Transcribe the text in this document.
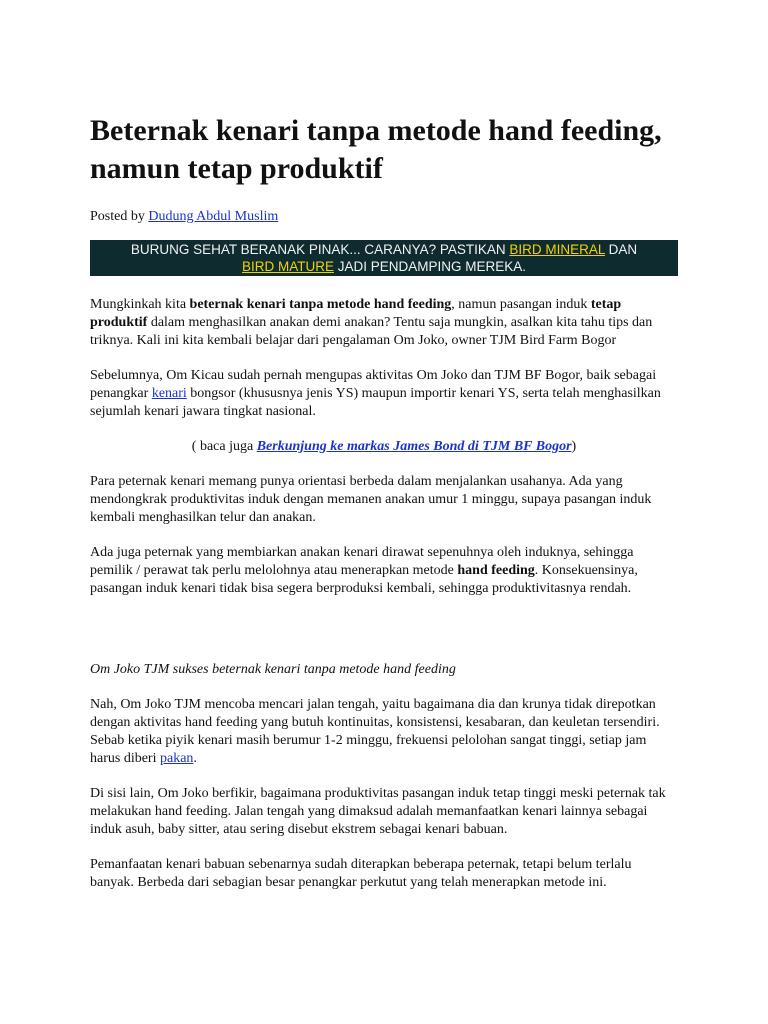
Beternak kenari tanpa metode hand feeding, namun tetap produktif
Posted by Dudung Abdul Muslim
BURUNG SEHAT BERANAK PINAK... CARANYA? PASTIKAN BIRD MINERAL DAN
BIRD MATURE JADI PENDAMPING MEREKA.

Mungkinkah kita beternak kenari tanpa metode hand feeding, namun pasangan induk tetap produktif dalam menghasilkan anakan demi anakan? Tentu saja mungkin, asalkan kita tahu tips dan triknya. Kali ini kita kembali belajar dari pengalaman Om Joko, owner TJM Bird Farm Bogor

Sebelumnya, Om Kicau sudah pernah mengupas aktivitas Om Joko dan TJM BF Bogor, baik sebagai penangkar kenari bongsor (khususnya jenis YS) maupun importir kenari YS, serta telah menghasilkan sejumlah kenari jawara tingkat nasional.

( baca juga Berkunjung ke markas James Bond di TJM BF Bogor)

Para peternak kenari memang punya orientasi berbeda dalam menjalankan usahanya. Ada yang mendongkrak produktivitas induk dengan memanen anakan umur 1 minggu, supaya pasangan induk kembali menghasilkan telur dan anakan.

Ada juga peternak yang membiarkan anakan kenari dirawat sepenuhnya oleh induknya, sehingga pemilik / perawat tak perlu melolohnya atau menerapkan metode hand feeding. Konsekuensinya, pasangan induk kenari tidak bisa segera berproduksi kembali, sehingga produktivitasnya rendah.

Om Joko TJM sukses beternak kenari tanpa metode hand feeding

Nah, Om Joko TJM mencoba mencari jalan tengah, yaitu bagaimana dia dan krunya tidak direpotkan dengan aktivitas hand feeding yang butuh kontinuitas, konsistensi, kesabaran, dan keuletan tersendiri. Sebab ketika piyik kenari masih berumur 1-2 minggu, frekuensi pelolohan sangat tinggi, setiap jam harus diberi pakan.

Di sisi lain, Om Joko berfikir, bagaimana produktivitas pasangan induk tetap tinggi meski peternak tak melakukan hand feeding. Jalan tengah yang dimaksud adalah memanfaatkan kenari lainnya sebagai induk asuh, baby sitter, atau sering disebut ekstrem sebagai kenari babuan.

Pemanfaatan kenari babuan sebenarnya sudah diterapkan beberapa peternak, tetapi belum terlalu banyak. Berbeda dari sebagian besar penangkar perkutut yang telah menerapkan metode ini.
